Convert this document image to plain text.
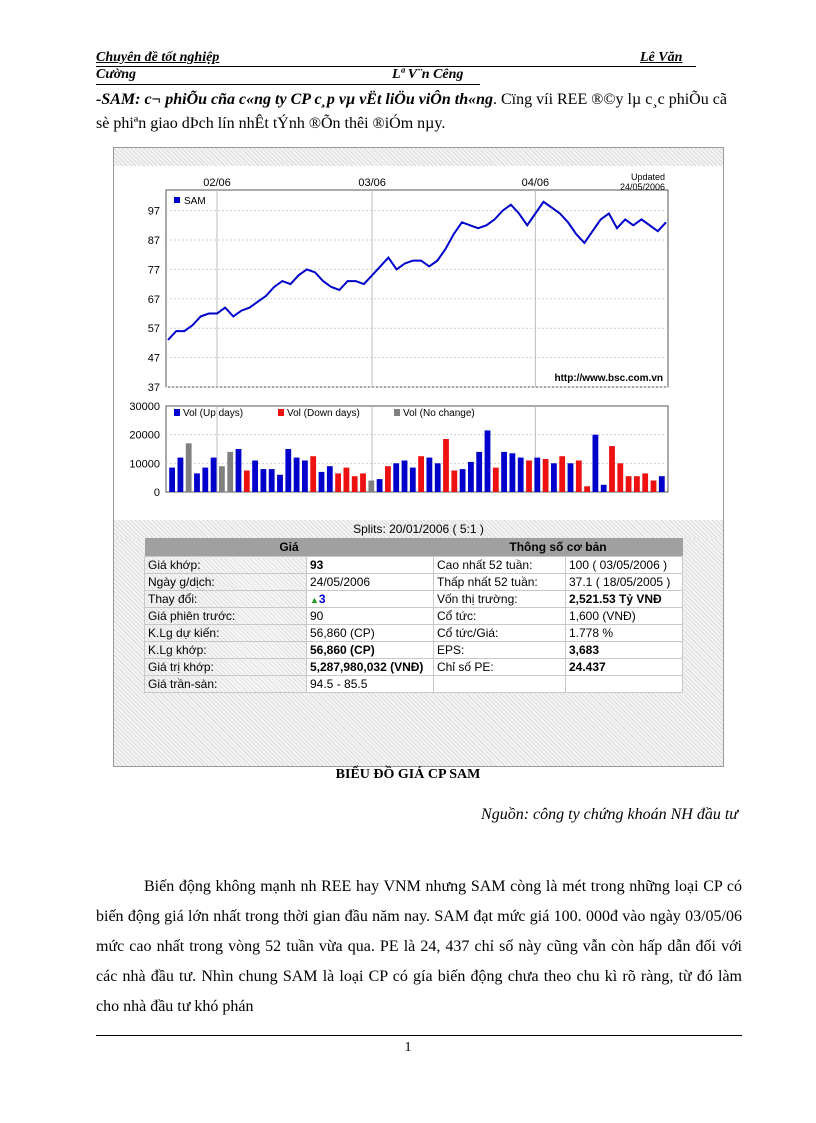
Chuyên đề tốt nghiệp	Lê Văn
Cường	Lª V¨n Cêng
-SAM: c¬ phiÕu cña c«ng ty CP c¸p vµ vËt liÖu viÔn th«ng. Cïng víi REE ®©y lµ c¸c phiÕu cã sè phiªn giao dÞch lín nhÊt tÝnh ®Õn thêi ®iÓm nµy.
37
47
57
67
77
87
97
0
10000
20000
30000
02/06	03/06	04/06
SAM
Updated
24/05/2006
http://www.bsc.com.vn
Vol (Up days)	Vol (Down days)	Vol (No change)
Splits: 20/01/2006 ( 5:1 )
Giá		Thông số cơ bản	
Giá khớp:	93	Cao nhất 52 tuần:	100 ( 03/05/2006 )
Ngày g/dịch:	24/05/2006	Thấp nhất 52 tuần:	37.1 ( 18/05/2005 )
Thay đổi:	▲3	Vốn thị trường:	2,521.53 Tỷ VNĐ
Giá phiên trước:	90	Cổ tức:	1,600 (VNĐ)
K.Lg dự kiến:	56,860 (CP)	Cổ tức/Giá:	1.778 %
K.Lg khớp:	56,860 (CP)	EPS:	3,683
Giá trị khớp:	5,287,980,032 (VNĐ)	Chỉ số PE:	24.437
Giá trần-sàn:	94.5 - 85.5		
BIỂU ĐỒ GIÁ CP SAM
Nguồn: công ty chứng khoán NH đầu tư
Biến động không mạnh nh REE hay VNM nhưng SAM còng là mét trong những loại CP có biến động giá lớn nhất trong thời gian đầu năm nay. SAM đạt mức giá 100. 000đ vào ngày 03/05/06 mức cao nhất trong vòng 52 tuần vừa qua. PE là 24, 437 chỉ số này cũng vẫn còn hấp dẫn đối với các nhà đầu tư. Nhìn chung SAM là loại CP có gía biến động chưa theo chu kì rõ ràng, từ đó làm cho nhà đầu tư khó phán
1
